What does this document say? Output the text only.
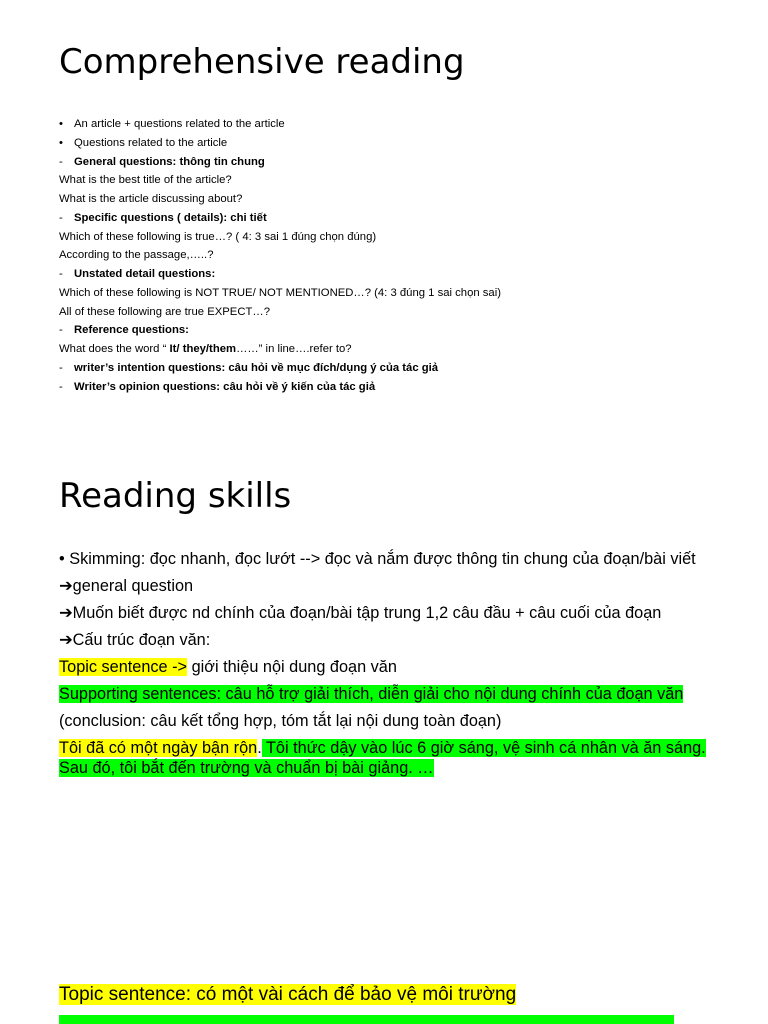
Comprehensive reading
• An article + questions related to the article
• Questions related to the article
- General questions: thông tin chung
What is the best title of the article?
What is the article discussing about?
- Specific questions ( details): chi tiết
Which of these following is true…? ( 4: 3 sai 1 đúng chọn đúng)
According to the passage,…..?
- Unstated detail questions:
Which of these following is NOT TRUE/ NOT MENTIONED…? (4: 3 đúng 1 sai chọn sai)
All of these following are true EXPECT…?
- Reference questions:
What does the word “ It/ they/them……” in line….refer to?
- writer’s intention questions: câu hỏi về mục đích/dụng ý của tác giả
- Writer’s opinion questions: câu hỏi về ý kiến của tác giả
Reading skills
• Skimming: đọc nhanh, đọc lướt --> đọc và nắm được thông tin chung của đoạn/bài viết
➔general question
➔Muốn biết được nd chính của đoạn/bài tập trung 1,2 câu đầu + câu cuối của đoạn
➔Cấu trúc đoạn văn:
Topic sentence -> giới thiệu nội dung đoạn văn
Supporting sentences: câu hỗ trợ giải thích, diễn giải cho nội dung chính của đoạn văn
(conclusion: câu kết tổng hợp, tóm tắt lại nội dung toàn đoạn)
Tôi đã có một ngày bận rộn. Tôi thức dậy vào lúc 6 giờ sáng, vệ sinh cá nhân và ăn sáng. Sau đó, tôi bắt đến trường và chuẩn bị bài giảng. …
Topic sentence: có một vài cách để bảo vệ môi trường
